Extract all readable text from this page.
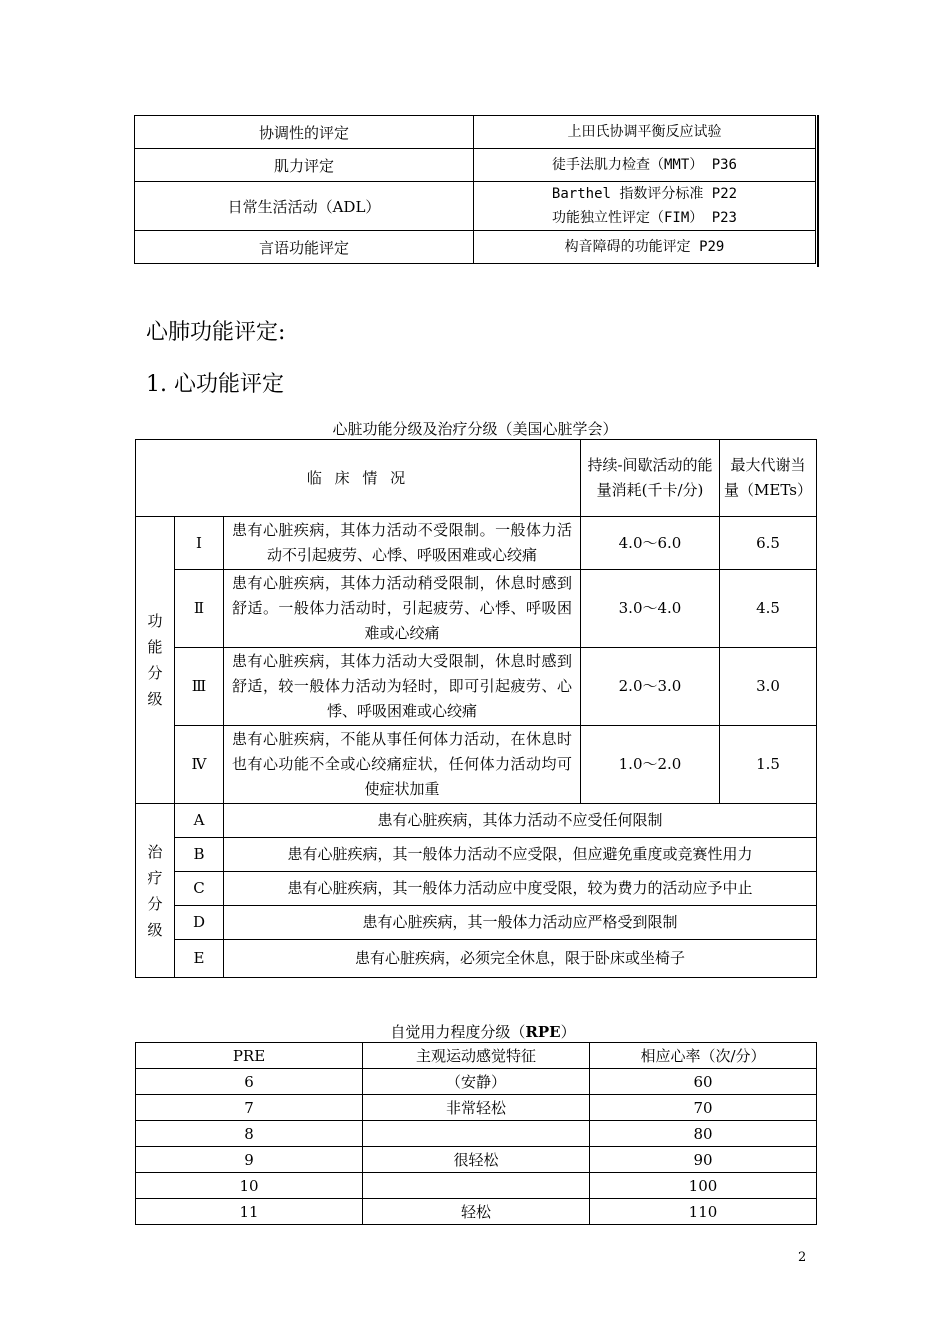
协调性的评定	上田氏协调平衡反应试验

肌力评定	徒手法肌力检查（MMT） P36

日常生活活动（ADL）	Barthel 指数评分标准 P22
功能独立性评定（FIM） P23

言语功能评定	构音障碍的功能评定 P29
心肺功能评定:
1. 心功能评定
心脏功能分级及治疗分级（美国心脏学会）
临 床 情 况			持续-间歇活动的能量消耗(千卡/分)	最大代谢当量（METs）
功能分级	Ⅰ	患有心脏疾病，其体力活动不受限制。一般体力活动不引起疲劳、心悸、呼吸困难或心绞痛	4.0～6.0	6.5
	Ⅱ	患有心脏疾病，其体力活动稍受限制，休息时感到舒适。一般体力活动时，引起疲劳、心悸、呼吸困难或心绞痛	3.0～4.0	4.5
	Ⅲ	患有心脏疾病，其体力活动大受限制，休息时感到舒适，较一般体力活动为轻时，即可引起疲劳、心悸、呼吸困难或心绞痛	2.0～3.0	3.0
	Ⅳ	患有心脏疾病，不能从事任何体力活动，在休息时也有心功能不全或心绞痛症状，任何体力活动均可使症状加重	1.0～2.0	1.5
治疗分级	A	患有心脏疾病，其体力活动不应受任何限制		
	B	患有心脏疾病，其一般体力活动不应受限，但应避免重度或竞赛性用力		
	C	患有心脏疾病，其一般体力活动应中度受限，较为费力的活动应予中止		
	D	患有心脏疾病，其一般体力活动应严格受到限制		
	E	患有心脏疾病，必须完全休息，限于卧床或坐椅子		
自觉用力程度分级（RPE）
PRE	主观运动感觉特征	相应心率（次/分）
6	（安静）	60
7	非常轻松	70
8		80
9	很轻松	90
10		100
11	轻松	110
2
